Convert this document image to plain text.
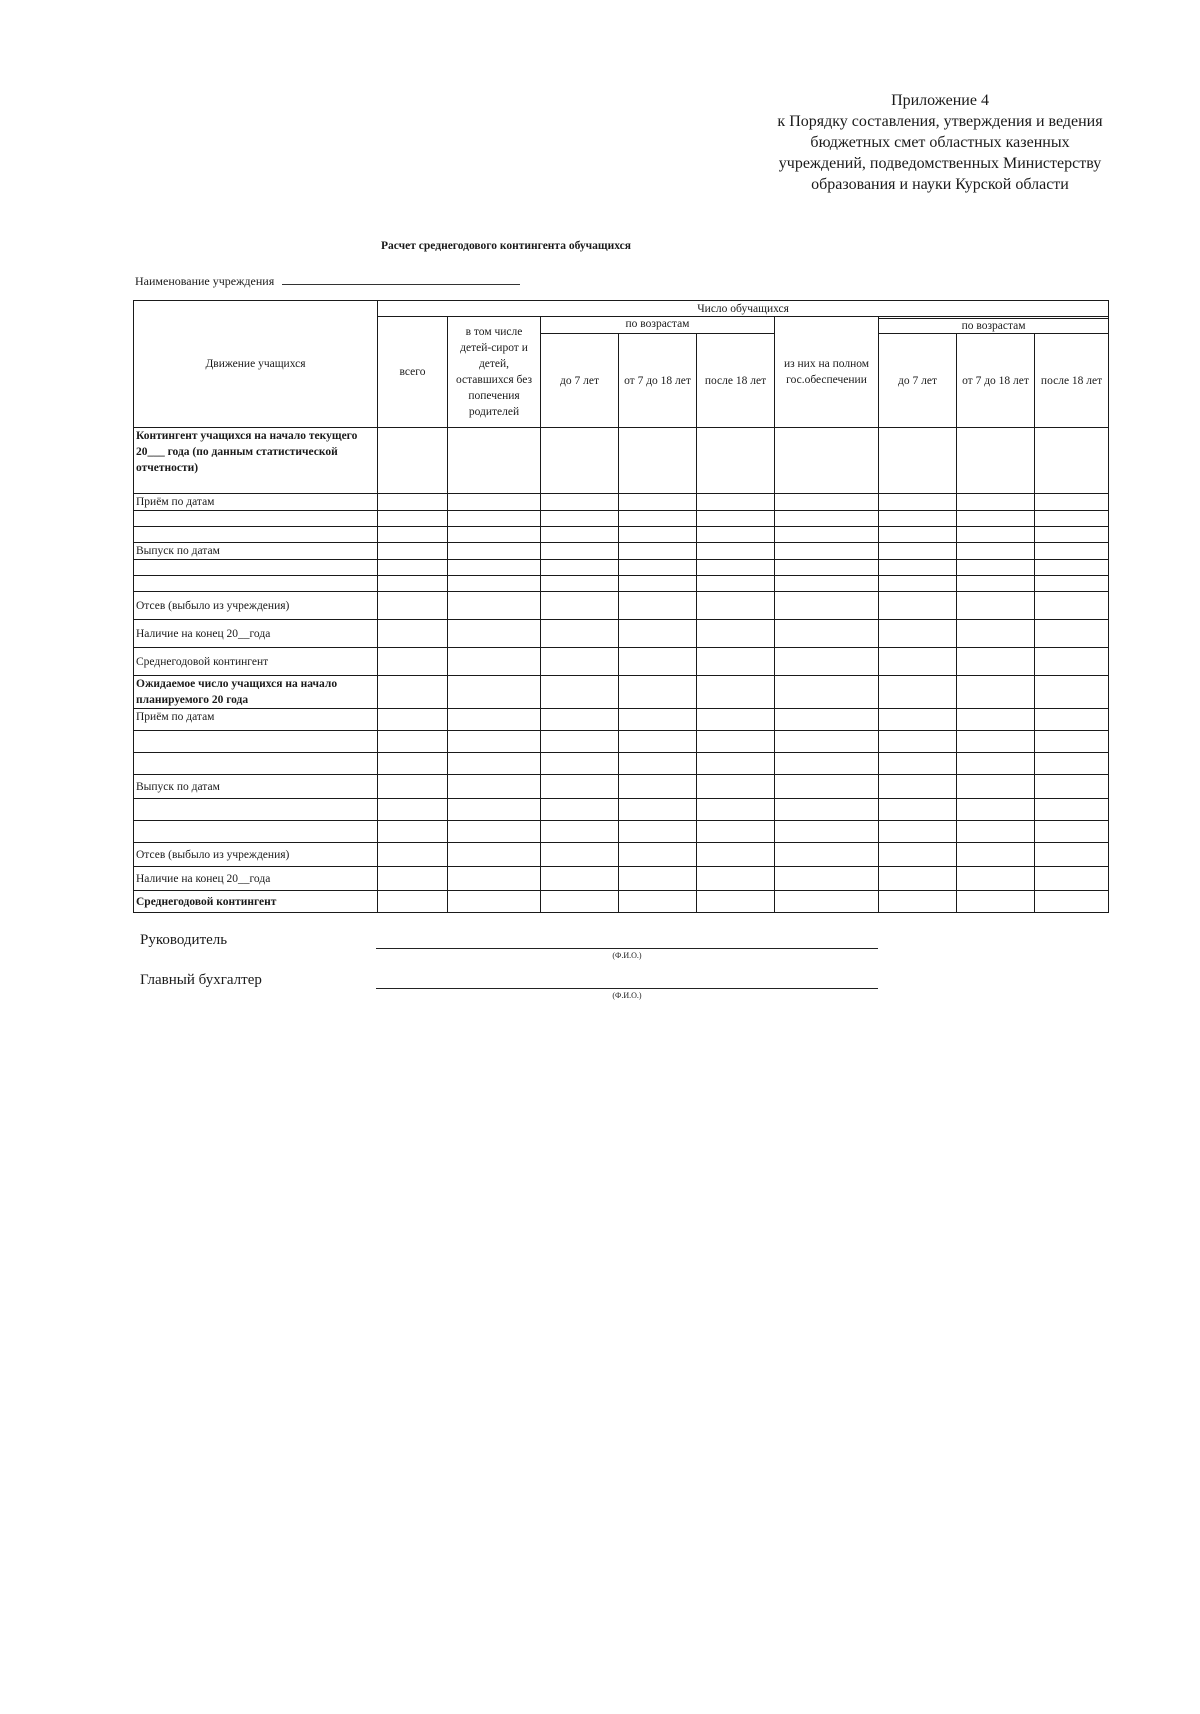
Приложение 4
к Порядку составления, утверждения и ведения
бюджетных смет областных казенных
учреждений, подведомственных Министерству
образования и науки Курской области
Расчет среднегодового контингента обучащихся
Наименование учреждения
Движение учащихся	Число обучащихся								
	всего	в том числе детей-сирот и детей, оставшихся без попечения родителей	по возрастам			из них на полном гос.обеспечении			
							по возрастам		
			до 7 лет	от 7 до 18 лет	после 18 лет		до 7 лет	от 7 до 18 лет	после 18 лет
Контингент учащихся на начало текущего 20___ года (по данным статистической отчетности)									
Приём по датам									

Выпуск по датам									

Отсев (выбыло из учреждения)									
Наличие на конец 20__года									
Среднегодовой контингент									
Ожидаемое число учащихся на начало планируемого 20 года									
Приём по датам									

Выпуск по датам									

Отсев (выбыло из учреждения)									
Наличие на конец 20__года									
Среднегодовой контингент									
Руководитель
(Ф.И.О.)
Главный бухгалтер
(Ф.И.О.)
